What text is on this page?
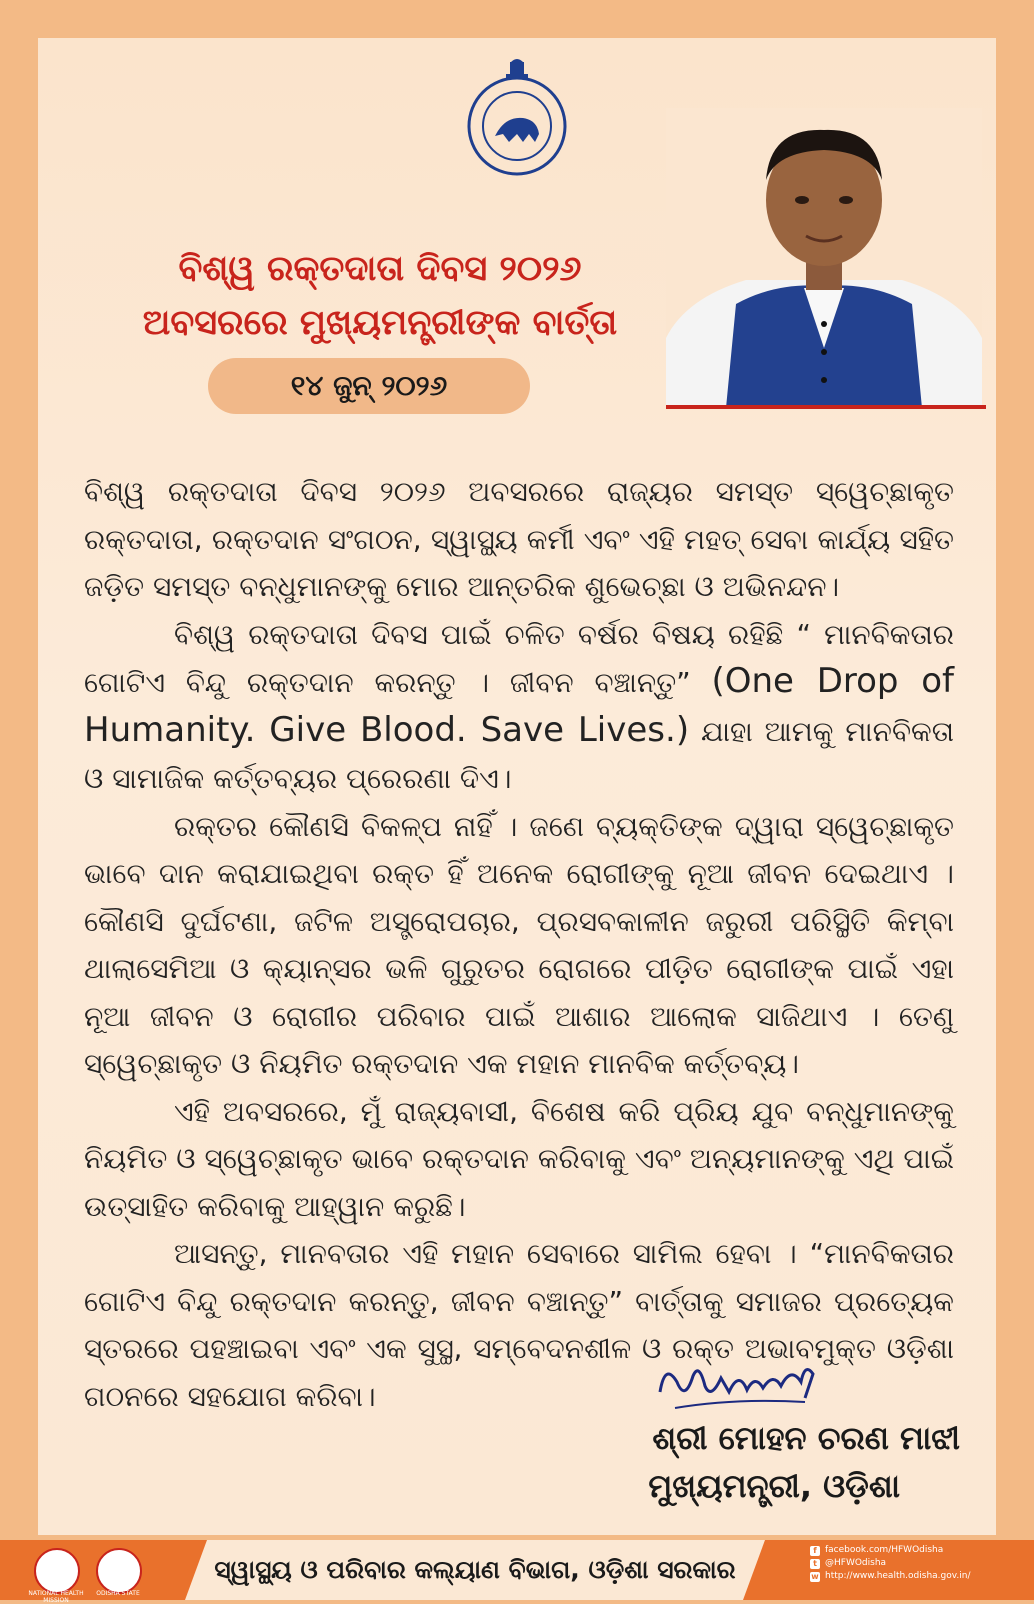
ବିଶ୍ୱ ରକ୍ତଦାତା ଦିବସ ୨୦୨୬
ଅବସରରେ ମୁଖ୍ୟମନ୍ତ୍ରୀଙ୍କ ବାର୍ତ୍ତା
୧୪ ଜୁନ୍ ୨୦୨୬

ବିଶ୍ୱ ରକ୍ତଦାତା ଦିବସ ୨୦୨୬ ଅବସରରେ ରାଜ୍ୟର ସମସ୍ତ ସ୍ୱେଚ୍ଛାକୃତ ରକ୍ତଦାତା, ରକ୍ତଦାନ ସଂଗଠନ, ସ୍ୱାସ୍ଥ୍ୟ କର୍ମୀ ଏବଂ ଏହି ମହତ୍ ସେବା କାର୍ଯ୍ୟ ସହିତ ଜଡ଼ିତ ସମସ୍ତ ବନ୍ଧୁମାନଙ୍କୁ ମୋର ଆନ୍ତରିକ ଶୁଭେଚ୍ଛା ଓ ଅଭିନନ୍ଦନ।

ବିଶ୍ୱ ରକ୍ତଦାତା ଦିବସ ପାଇଁ ଚଳିତ ବର୍ଷର ବିଷୟ ରହିଛି “ ମାନବିକତାର ଗୋଟିଏ ବିନ୍ଦୁ ରକ୍ତଦାନ କରନ୍ତୁ । ଜୀବନ ବଞ୍ଚାନ୍ତୁ” (One Drop of Humanity. Give Blood. Save Lives.) ଯାହା ଆମକୁ ମାନବିକତା ଓ ସାମାଜିକ କର୍ତ୍ତବ୍ୟର ପ୍ରେରଣା ଦିଏ।

ରକ୍ତର କୌଣସି ବିକଳ୍ପ ନାହିଁ । ଜଣେ ବ୍ୟକ୍ତିଙ୍କ ଦ୍ୱାରା ସ୍ୱେଚ୍ଛାକୃତ ଭାବେ ଦାନ କରାଯାଇଥିବା ରକ୍ତ ହିଁ ଅନେକ ରୋଗୀଙ୍କୁ ନୂଆ ଜୀବନ ଦେଇଥାଏ । କୌଣସି ଦୁର୍ଘଟଣା, ଜଟିଳ ଅସ୍ତ୍ରୋପଚାର, ପ୍ରସବକାଳୀନ ଜରୁରୀ ପରିସ୍ଥିତି କିମ୍ବା ଥାଲାସେମିଆ ଓ କ୍ୟାନ୍ସର ଭଳି ଗୁରୁତର ରୋଗରେ ପୀଡ଼ିତ ରୋଗୀଙ୍କ ପାଇଁ ଏହା ନୂଆ ଜୀବନ ଓ ରୋଗୀର ପରିବାର ପାଇଁ ଆଶାର ଆଲୋକ ସାଜିଥାଏ । ତେଣୁ ସ୍ୱେଚ୍ଛାକୃତ ଓ ନିୟମିତ ରକ୍ତଦାନ ଏକ ମହାନ ମାନବିକ କର୍ତ୍ତବ୍ୟ।

ଏହି ଅବସରରେ, ମୁଁ ରାଜ୍ୟବାସୀ, ବିଶେଷ କରି ପ୍ରିୟ ଯୁବ ବନ୍ଧୁମାନଙ୍କୁ ନିୟମିତ ଓ ସ୍ୱେଚ୍ଛାକୃତ ଭାବେ ରକ୍ତଦାନ କରିବାକୁ ଏବଂ ଅନ୍ୟମାନଙ୍କୁ ଏଥି ପାଇଁ ଉତ୍ସାହିତ କରିବାକୁ ଆହ୍ୱାନ କରୁଛି।

ଆସନ୍ତୁ, ମାନବତାର ଏହି ମହାନ ସେବାରେ ସାମିଲ ହେବା । “ମାନବିକତାର ଗୋଟିଏ ବିନ୍ଦୁ ରକ୍ତଦାନ କରନ୍ତୁ, ଜୀବନ ବଞ୍ଚାନ୍ତୁ” ବାର୍ତ୍ତାକୁ ସମାଜର ପ୍ରତ୍ୟେକ ସ୍ତରରେ ପହଞ୍ଚାଇବା ଏବଂ ଏକ ସୁସ୍ଥ, ସମ୍ବେଦନଶୀଳ ଓ ରକ୍ତ ଅଭାବମୁକ୍ତ ଓଡ଼ିଶା ଗଠନରେ ସହଯୋଗ କରିବା।

ଶ୍ରୀ ମୋହନ ଚରଣ ମାଝୀ
ମୁଖ୍ୟମନ୍ତ୍ରୀ, ଓଡ଼ିଶା
NATIONAL HEALTH MISSION
ODISHA STATE
ସ୍ୱାସ୍ଥ୍ୟ ଓ ପରିବାର କଲ୍ୟାଣ ବିଭାଗ, ଓଡ଼ିଶା ସରକାର
f facebook.com/HFWOdisha
t @HFWOdisha
w http://www.health.odisha.gov.in/
